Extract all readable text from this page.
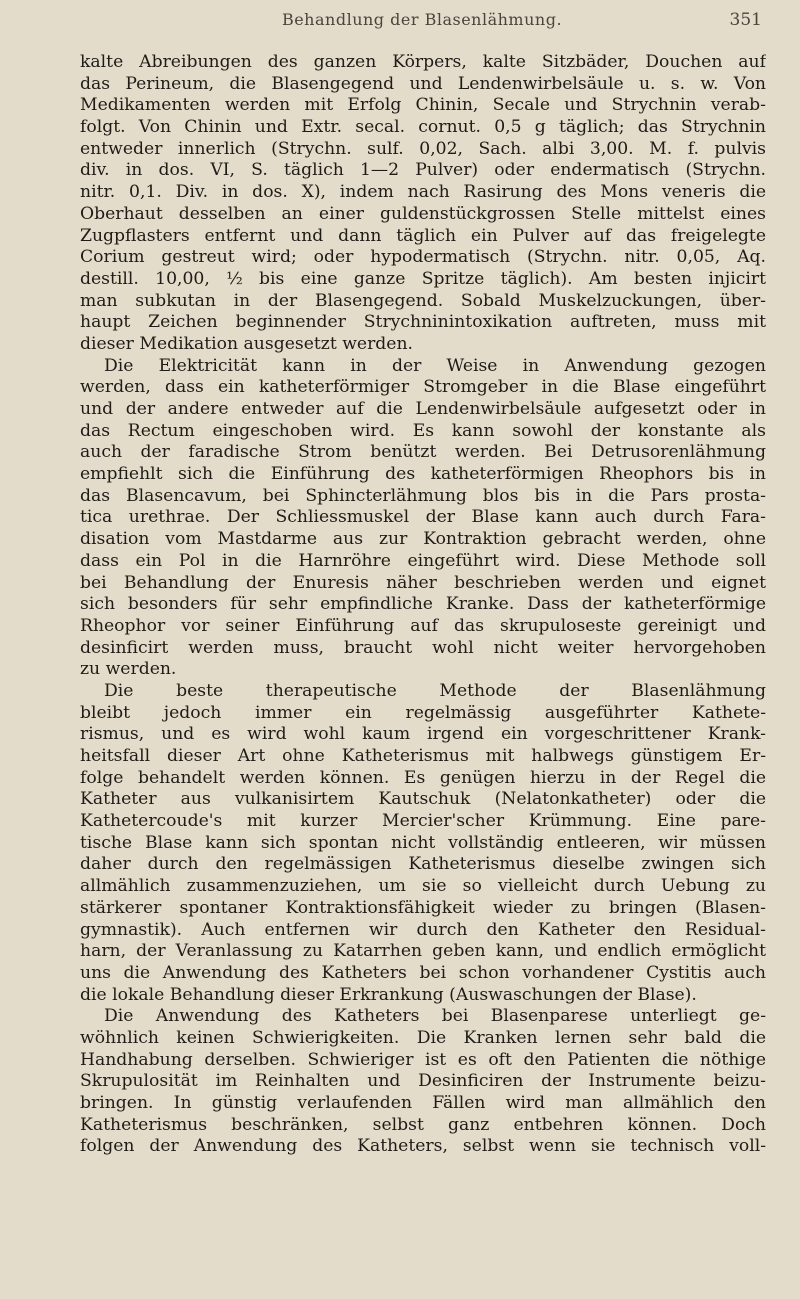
Behandlung der Blasenlähmung.	351
kalte Abreibungen des ganzen Körpers, kalte Sitzbäder, Douchen auf
das Perineum, die Blasengegend und Lendenwirbelsäule u. s. w. Von
Medikamenten werden mit Erfolg Chinin, Secale und Strychnin verab-
folgt. Von Chinin und Extr. secal. cornut. 0,5 g täglich; das Strychnin
entweder innerlich (Strychn. sulf. 0,02, Sach. albi 3,00. M. f. pulvis
div. in dos. VI, S. täglich 1—2 Pulver) oder endermatisch (Strychn.
nitr. 0,1. Div. in dos. X), indem nach Rasirung des Mons veneris die
Oberhaut desselben an einer guldenstückgrossen Stelle mittelst eines
Zugpflasters entfernt und dann täglich ein Pulver auf das freigelegte
Corium gestreut wird; oder hypodermatisch (Strychn. nitr. 0,05, Aq.
destill. 10,00, ½ bis eine ganze Spritze täglich). Am besten injicirt
man subkutan in der Blasengegend. Sobald Muskelzuckungen, über-
haupt Zeichen beginnender Strychninintoxikation auftreten, muss mit
dieser Medikation ausgesetzt werden.
Die Elektricität kann in der Weise in Anwendung gezogen
werden, dass ein katheterförmiger Stromgeber in die Blase eingeführt
und der andere entweder auf die Lendenwirbelsäule aufgesetzt oder in
das Rectum eingeschoben wird. Es kann sowohl der konstante als
auch der faradische Strom benützt werden. Bei Detrusorenlähmung
empfiehlt sich die Einführung des katheterförmigen Rheophors bis in
das Blasencavum, bei Sphincterlähmung blos bis in die Pars prosta-
tica urethrae. Der Schliessmuskel der Blase kann auch durch Fara-
disation vom Mastdarme aus zur Kontraktion gebracht werden, ohne
dass ein Pol in die Harnröhre eingeführt wird. Diese Methode soll
bei Behandlung der Enuresis näher beschrieben werden und eignet
sich besonders für sehr empfindliche Kranke. Dass der katheterförmige
Rheophor vor seiner Einführung auf das skrupuloseste gereinigt und
desinficirt werden muss, braucht wohl nicht weiter hervorgehoben
zu werden.
Die beste therapeutische Methode der Blasenlähmung
bleibt jedoch immer ein regelmässig ausgeführter Kathete-
rismus, und es wird wohl kaum irgend ein vorgeschrittener Krank-
heitsfall dieser Art ohne Katheterismus mit halbwegs günstigem Er-
folge behandelt werden können. Es genügen hierzu in der Regel die
Katheter aus vulkanisirtem Kautschuk (Nelatonkatheter) oder die
Kathetercoude's mit kurzer Mercier'scher Krümmung. Eine pare-
tische Blase kann sich spontan nicht vollständig entleeren, wir müssen
daher durch den regelmässigen Katheterismus dieselbe zwingen sich
allmählich zusammenzuziehen, um sie so vielleicht durch Uebung zu
stärkerer spontaner Kontraktionsfähigkeit wieder zu bringen (Blasen-
gymnastik). Auch entfernen wir durch den Katheter den Residual-
harn, der Veranlassung zu Katarrhen geben kann, und endlich ermöglicht
uns die Anwendung des Katheters bei schon vorhandener Cystitis auch
die lokale Behandlung dieser Erkrankung (Auswaschungen der Blase).
Die Anwendung des Katheters bei Blasenparese unterliegt ge-
wöhnlich keinen Schwierigkeiten. Die Kranken lernen sehr bald die
Handhabung derselben. Schwieriger ist es oft den Patienten die nöthige
Skrupulosität im Reinhalten und Desinficiren der Instrumente beizu-
bringen. In günstig verlaufenden Fällen wird man allmählich den
Katheterismus beschränken, selbst ganz entbehren können. Doch
folgen der Anwendung des Katheters, selbst wenn sie technisch voll-
